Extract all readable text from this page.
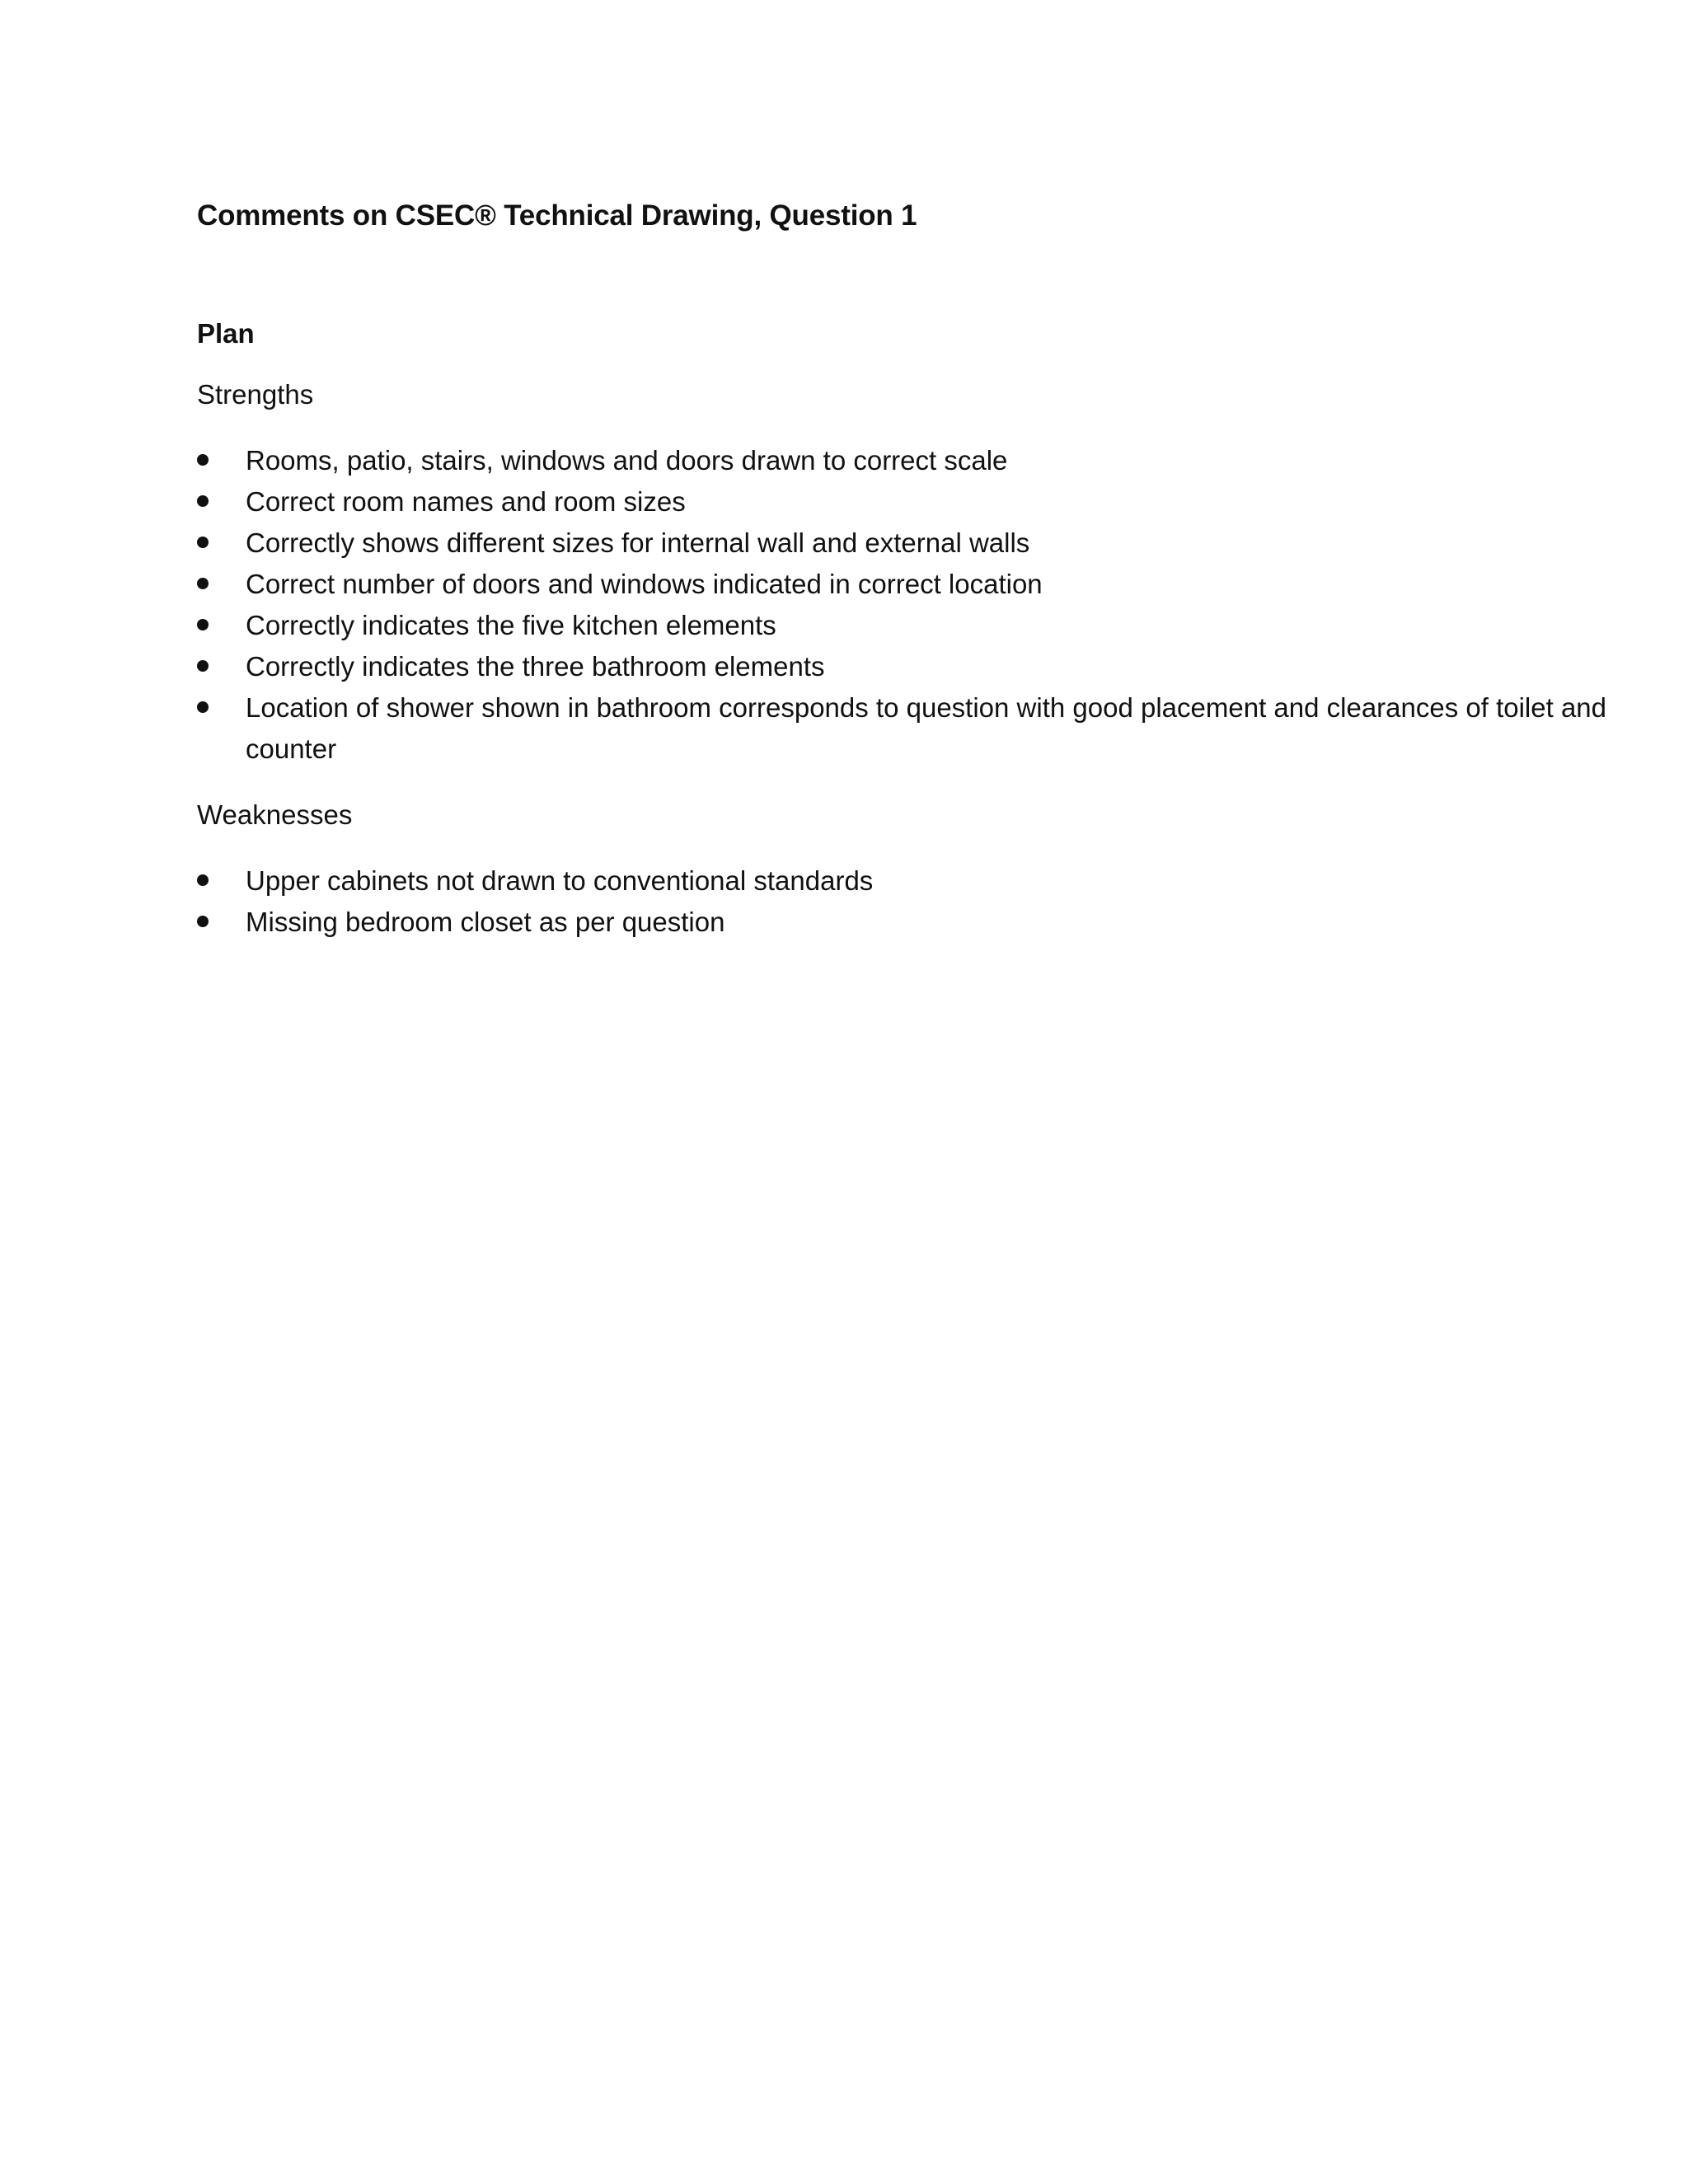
Comments on CSEC® Technical Drawing, Question 1
Plan
Strengths
Rooms, patio, stairs, windows and doors drawn to correct scale
Correct room names and room sizes
Correctly shows different sizes for internal wall and external walls
Correct number of doors and windows indicated in correct location
Correctly indicates the five kitchen elements
Correctly indicates the three bathroom elements
Location of shower shown in bathroom corresponds to question with good placement and clearances of toilet and counter
Weaknesses
Upper cabinets not drawn to conventional standards
Missing bedroom closet as per question
